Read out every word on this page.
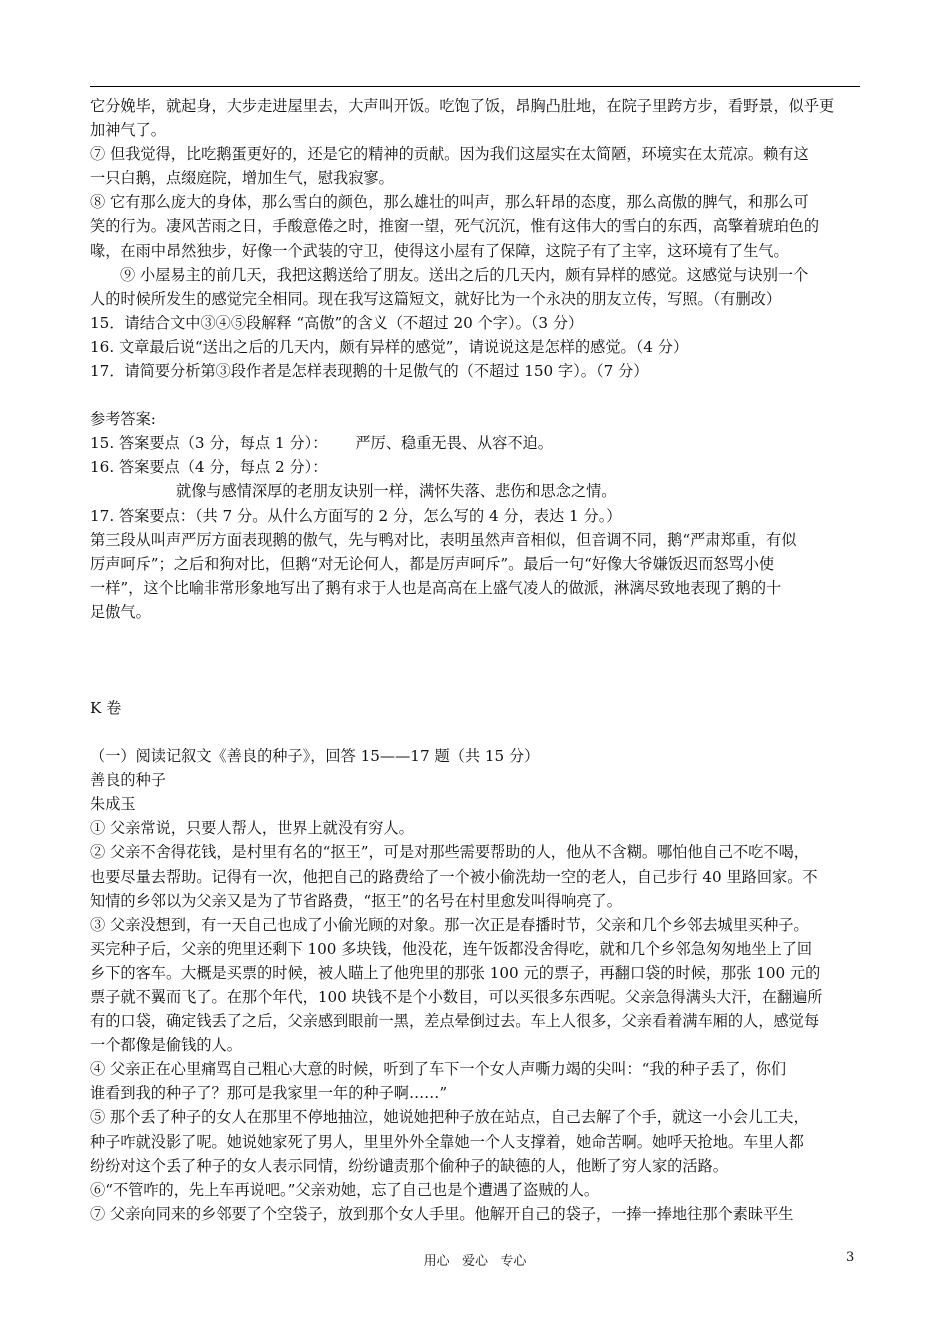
它分娩毕，就起身，大步走进屋里去，大声叫开饭。吃饱了饭，昂胸凸肚地，在院子里跨方步，看野景，似乎更
加神气了。
⑦ 但我觉得，比吃鹅蛋更好的，还是它的精神的贡献。因为我们这屋实在太简陋，环境实在太荒凉。赖有这
一只白鹅，点缀庭院，增加生气，慰我寂寥。
⑧ 它有那么庞大的身体，那么雪白的颜色，那么雄壮的叫声，那么轩昂的态度，那么高傲的脾气，和那么可
笑的行为。凄风苦雨之日，手酸意倦之时，推窗一望，死气沉沉，惟有这伟大的雪白的东西，高擎着琥珀色的
喙，在雨中昂然独步，好像一个武装的守卫，使得这小屋有了保障，这院子有了主宰，这环境有了生气。
⑨ 小屋易主的前几天，我把这鹅送给了朋友。送出之后的几天内，颇有异样的感觉。这感觉与诀别一个
人的时候所发生的感觉完全相同。现在我写这篇短文，就好比为一个永决的朋友立传，写照。（有删改）
15．请结合文中③④⑤段解释 “高傲”的含义（不超过 20 个字）。（3 分）
16. 文章最后说“送出之后的几天内，颇有异样的感觉”，请说说这是怎样的感觉。（4 分）
17．请简要分析第③段作者是怎样表现鹅的十足傲气的（不超过 150 字）。（7 分）
参考答案:
15. 答案要点（3 分，每点 1 分）： 严厉、稳重无畏、从容不迫。
16. 答案要点（4 分，每点 2 分）：
就像与感情深厚的老朋友诀别一样，满怀失落、悲伤和思念之情。
17. 答案要点：（共 7 分。从什么方面写的 2 分，怎么写的 4 分，表达 1 分。）
第三段从叫声严厉方面表现鹅的傲气，先与鸭对比，表明虽然声音相似，但音调不同，鹅“严肃郑重，有似
厉声呵斥”；之后和狗对比，但鹅“对无论何人，都是厉声呵斥”。最后一句“好像大爷嫌饭迟而怒骂小使
一样”，这个比喻非常形象地写出了鹅有求于人也是高高在上盛气凌人的做派，淋漓尽致地表现了鹅的十
足傲气。
K 卷
（一）阅读记叙文《善良的种子》，回答 15——17 题（共 15 分）
善良的种子
朱成玉
① 父亲常说，只要人帮人，世界上就没有穷人。
② 父亲不舍得花钱，是村里有名的“抠王”，可是对那些需要帮助的人，他从不含糊。哪怕他自己不吃不喝，
也要尽量去帮助。记得有一次，他把自己的路费给了一个被小偷洗劫一空的老人，自己步行 40 里路回家。不
知情的乡邻以为父亲又是为了节省路费，“抠王”的名号在村里愈发叫得响亮了。
③ 父亲没想到，有一天自己也成了小偷光顾的对象。那一次正是春播时节，父亲和几个乡邻去城里买种子。
买完种子后，父亲的兜里还剩下 100 多块钱，他没花，连午饭都没舍得吃，就和几个乡邻急匆匆地坐上了回
乡下的客车。大概是买票的时候，被人瞄上了他兜里的那张 100 元的票子，再翻口袋的时候，那张 100 元的
票子就不翼而飞了。在那个年代，100 块钱不是个小数目，可以买很多东西呢。父亲急得满头大汗，在翻遍所
有的口袋，确定钱丢了之后，父亲感到眼前一黑，差点晕倒过去。车上人很多，父亲看着满车厢的人，感觉每
一个都像是偷钱的人。
④ 父亲正在心里痛骂自己粗心大意的时候，听到了车下一个女人声嘶力竭的尖叫：“我的种子丢了，你们
谁看到我的种子了？那可是我家里一年的种子啊……”
⑤ 那个丢了种子的女人在那里不停地抽泣，她说她把种子放在站点，自己去解了个手，就这一小会儿工夫，
种子咋就没影了呢。她说她家死了男人，里里外外全靠她一个人支撑着，她命苦啊。她呼天抢地。车里人都
纷纷对这个丢了种子的女人表示同情，纷纷谴责那个偷种子的缺德的人，他断了穷人家的活路。
⑥“不管咋的，先上车再说吧。”父亲劝她，忘了自己也是个遭遇了盗贼的人。
⑦ 父亲向同来的乡邻要了个空袋子，放到那个女人手里。他解开自己的袋子，一捧一捧地往那个素昧平生
用心   爱心   专心	3
